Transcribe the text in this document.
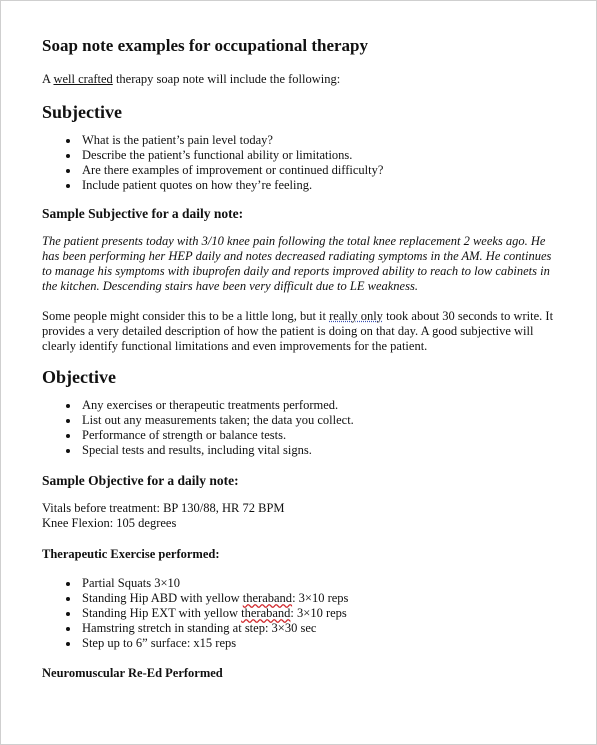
Soap note examples for occupational therapy

A well crafted therapy soap note will include the following:

Subjective
• What is the patient’s pain level today?
• Describe the patient’s functional ability or limitations.
• Are there examples of improvement or continued difficulty?
• Include patient quotes on how they’re feeling.
Sample Subjective for a daily note:

The patient presents today with 3/10 knee pain following the total knee replacement 2 weeks ago. He has been performing her HEP daily and notes decreased radiating symptoms in the AM. He continues to manage his symptoms with ibuprofen daily and reports improved ability to reach to low cabinets in the kitchen. Descending stairs have been very difficult due to LE weakness.

Some people might consider this to be a little long, but it really only took about 30 seconds to write. It provides a very detailed description of how the patient is doing on that day. A good subjective will clearly identify functional limitations and even improvements for the patient.

Objective
• Any exercises or therapeutic treatments performed.
• List out any measurements taken; the data you collect.
• Performance of strength or balance tests.
• Special tests and results, including vital signs.
Sample Objective for a daily note:

Vitals before treatment: BP 130/88, HR 72 BPM

Knee Flexion: 105 degrees

Therapeutic Exercise performed:
• Partial Squats 3×10
• Standing Hip ABD with yellow theraband: 3×10 reps
• Standing Hip EXT with yellow theraband: 3×10 reps
• Hamstring stretch in standing at step: 3×30 sec
• Step up to 6” surface: x15 reps
Neuromuscular Re-Ed Performed
